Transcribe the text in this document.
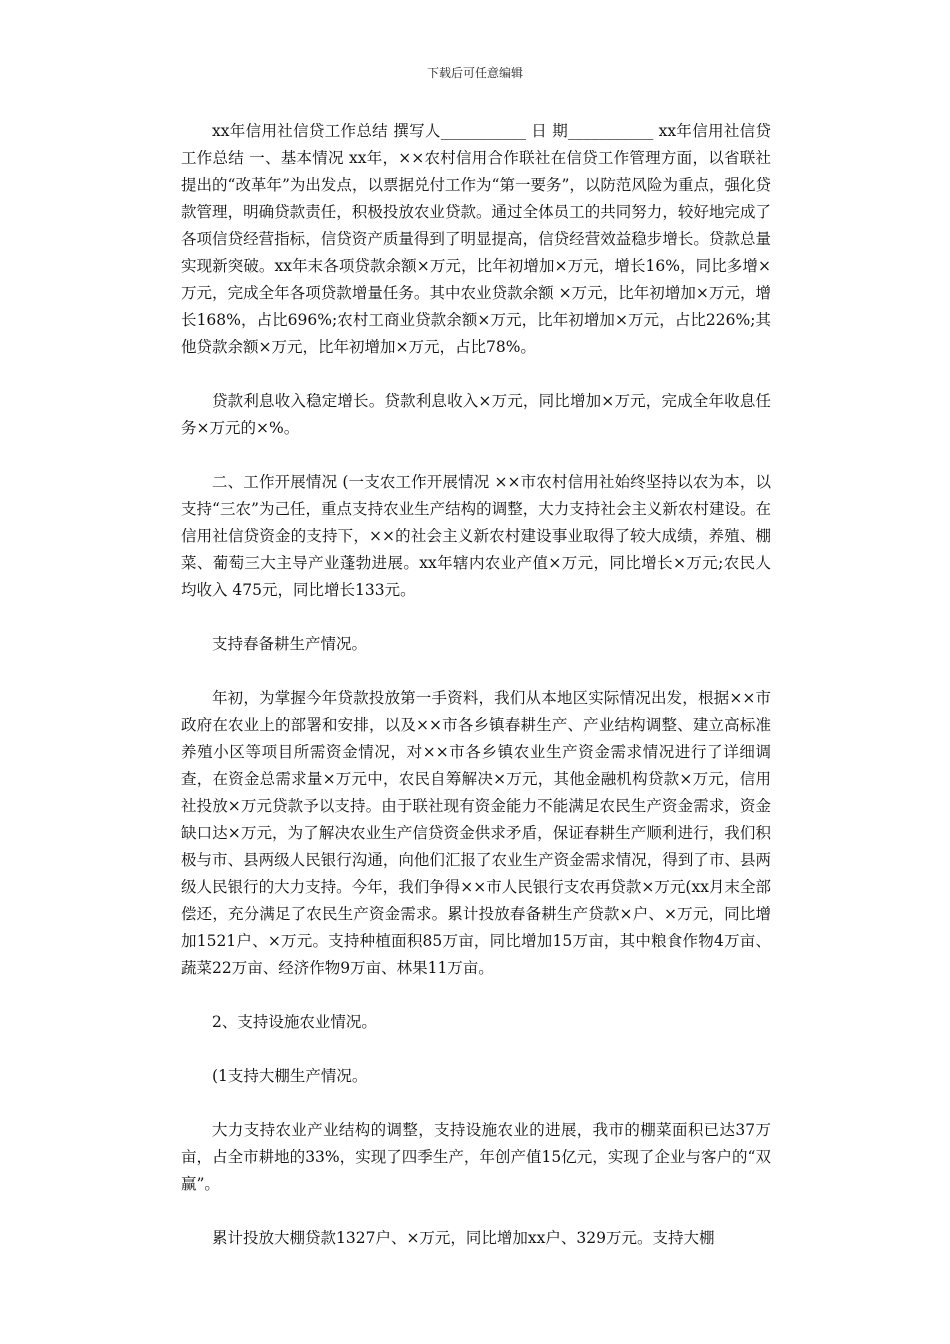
下载后可任意编辑

xx年信用社信贷工作总结 撰写人___________ 日 期___________ xx年信用社信贷工作总结 一、基本情况 xx年，××农村信用合作联社在信贷工作管理方面，以省联社提出的“改革年”为出发点，以票据兑付工作为“第一要务”，以防范风险为重点，强化贷款管理，明确贷款责任，积极投放农业贷款。通过全体员工的共同努力，较好地完成了各项信贷经营指标，信贷资产质量得到了明显提高，信贷经营效益稳步增长。贷款总量实现新突破。xx年末各项贷款余额×万元，比年初增加×万元，增长16%，同比多增×万元，完成全年各项贷款增量任务。其中农业贷款余额 ×万元，比年初增加×万元，增长168%，占比696%;农村工商业贷款余额×万元，比年初增加×万元，占比226%;其他贷款余额×万元，比年初增加×万元，占比78%。

贷款利息收入稳定增长。贷款利息收入×万元，同比增加×万元，完成全年收息任务×万元的×%。

二、工作开展情况 (一支农工作开展情况 ××市农村信用社始终坚持以农为本，以支持“三农”为己任，重点支持农业生产结构的调整，大力支持社会主义新农村建设。在信用社信贷资金的支持下，××的社会主义新农村建设事业取得了较大成绩，养殖、棚菜、葡萄三大主导产业蓬勃进展。xx年辖内农业产值×万元，同比增长×万元;农民人均收入 475元，同比增长133元。

支持春备耕生产情况。

年初，为掌握今年贷款投放第一手资料，我们从本地区实际情况出发，根据××市政府在农业上的部署和安排，以及××市各乡镇春耕生产、产业结构调整、建立高标准养殖小区等项目所需资金情况，对××市各乡镇农业生产资金需求情况进行了详细调查，在资金总需求量×万元中，农民自筹解决×万元，其他金融机构贷款×万元，信用社投放×万元贷款予以支持。由于联社现有资金能力不能满足农民生产资金需求，资金缺口达×万元，为了解决农业生产信贷资金供求矛盾，保证春耕生产顺利进行，我们积极与市、县两级人民银行沟通，向他们汇报了农业生产资金需求情况，得到了市、县两级人民银行的大力支持。今年，我们争得××市人民银行支农再贷款×万元(xx月末全部偿还，充分满足了农民生产资金需求。累计投放春备耕生产贷款×户、×万元，同比增加1521户、×万元。支持种植面积85万亩，同比增加15万亩，其中粮食作物4万亩、蔬菜22万亩、经济作物9万亩、林果11万亩。

2、支持设施农业情况。

(1支持大棚生产情况。

大力支持农业产业结构的调整，支持设施农业的进展，我市的棚菜面积已达37万亩，占全市耕地的33%，实现了四季生产，年创产值15亿元，实现了企业与客户的“双赢”。

累计投放大棚贷款1327户、×万元，同比增加xx户、329万元。支持大棚
